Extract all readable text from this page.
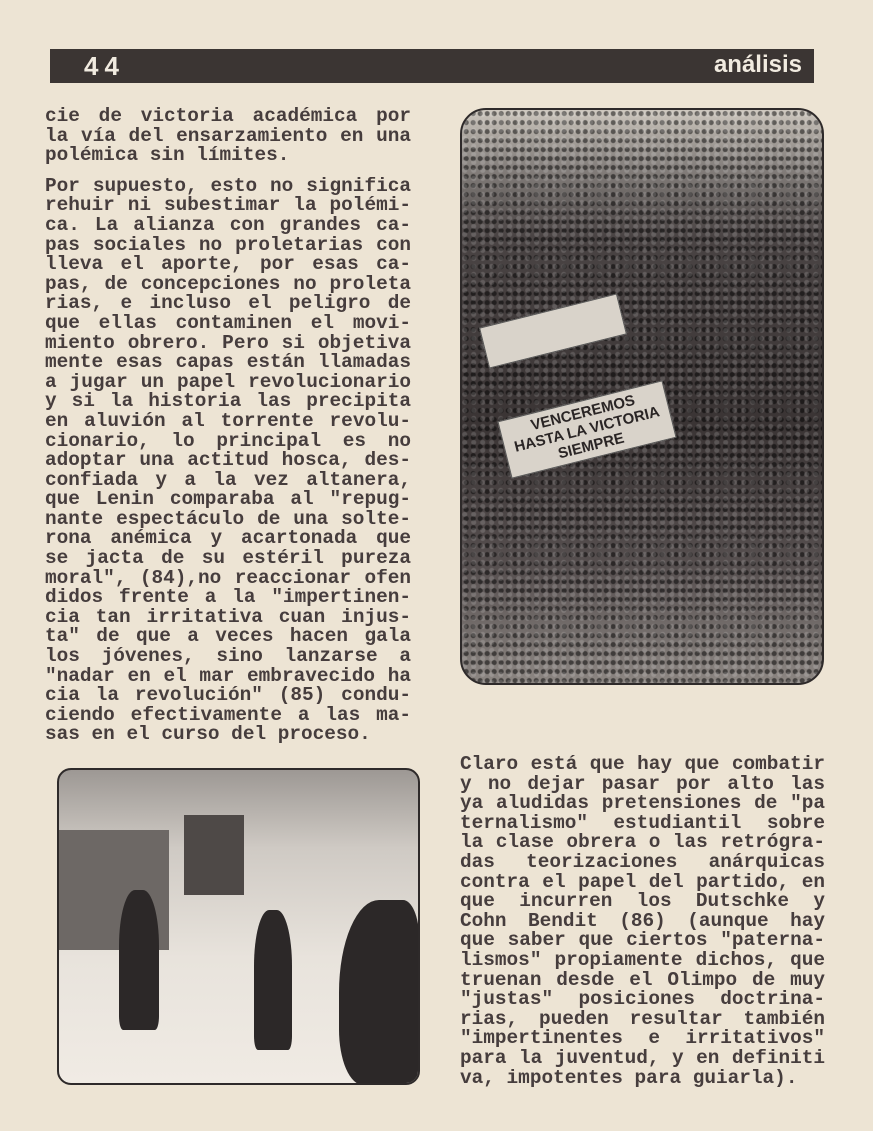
44	análisis
cie de victoria académica por
la vía del ensarzamiento en una
polémica sin límites.
Por supuesto, esto no significa
rehuir ni subestimar la polémi-
ca. La alianza con grandes ca-
pas sociales no proletarias con
lleva el aporte, por esas ca-
pas, de concepciones no proleta
rias, e incluso el peligro de
que ellas contaminen el movi-
miento obrero. Pero si objetiva
mente esas capas están llamadas
a jugar un papel revolucionario
y si la historia las precipita
en aluvión al torrente revolu-
cionario, lo principal es no
adoptar una actitud hosca, des-
confiada y a la vez altanera,
que Lenin comparaba al "repug-
nante espectáculo de una solte-
rona anémica y acartonada que
se jacta de su estéril pureza
moral", (84),no reaccionar ofen
didos frente a la "impertinen-
cia tan irritativa cuan injus-
ta" de que a veces hacen gala
los jóvenes, sino lanzarse a
"nadar en el mar embravecido ha
cia la revolución" (85) condu-
ciendo efectivamente a las ma-
sas en el curso del proceso.
Claro está que hay que combatir
y no dejar pasar por alto las
ya aludidas pretensiones de "pa
ternalismo" estudiantil sobre
la clase obrera o las retrógra-
das teorizaciones anárquicas
contra el papel del partido, en
que incurren los Dutschke y
Cohn Bendit (86) (aunque hay
que saber que ciertos "paterna-
lismos" propiamente dichos, que
truenan desde el Olimpo de muy
"justas" posiciones doctrina-
rias, pueden resultar también
"impertinentes e irritativos"
para la juventud, y en definiti
va, impotentes para guiarla).
VENCEREMOS HASTA LA VICTORIA SIEMPRE
